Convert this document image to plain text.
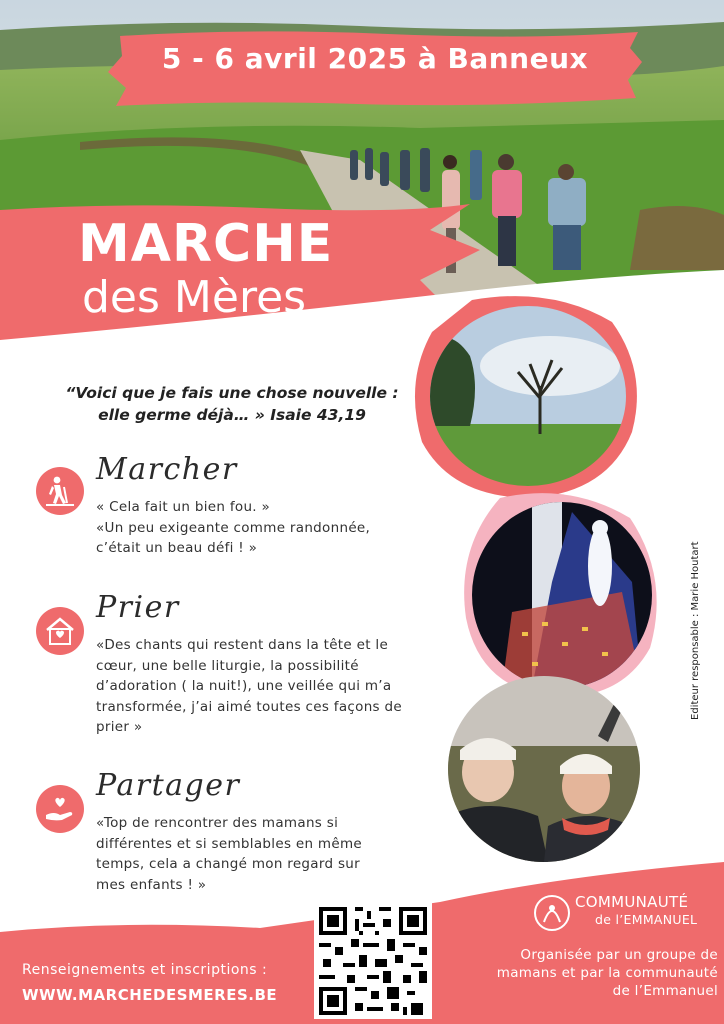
5 - 6 avril 2025 à Banneux
MARCHE
des Mères
“Voici que je fais une chose nouvelle :
elle germe déjà… » Isaie 43,19
Marcher
« Cela fait un bien fou. »
«Un peu exigeante comme randonnée,
c’était un beau défi ! »
Prier
«Des chants qui restent dans la tête et le
cœur, une belle liturgie, la possibilité
d’adoration ( la nuit!), une veillée qui m’a
transformée, j’ai aimé toutes ces façons de
prier »
Partager
«Top de rencontrer des mamans si
différentes et si semblables en même
temps, cela a changé mon regard sur
mes enfants ! »
Editeur responsable : Marie Houtart
COMMUNAUTÉ
de l’EMMANUEL
Renseignements et inscriptions :
WWW.MARCHEDESMERES.BE
Organisée par un groupe de
mamans et par la communauté
de l’Emmanuel
